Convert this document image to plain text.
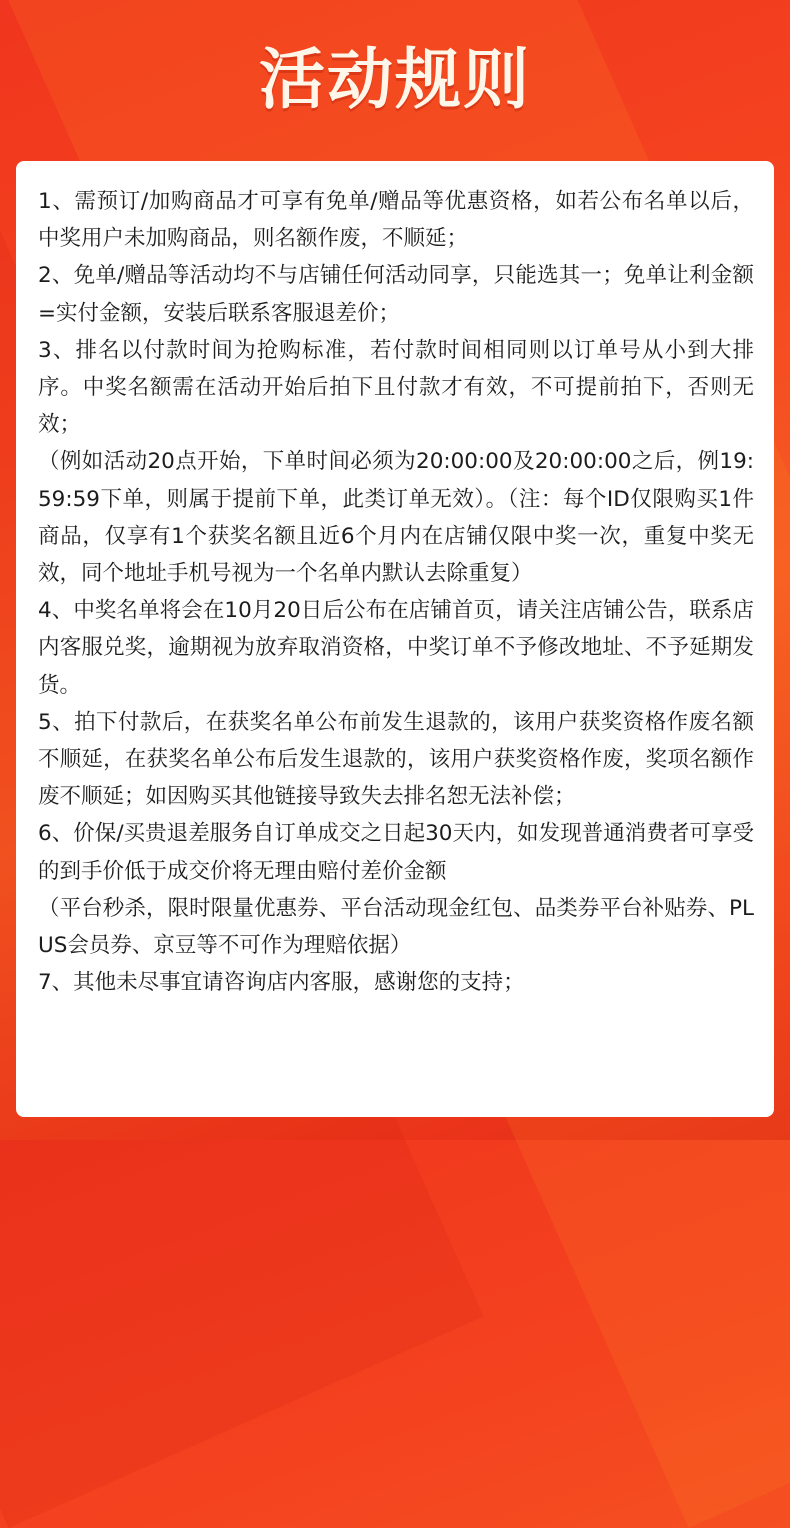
活动规则

1、需预订/加购商品才可享有免单/赠品等优惠资格，如若公布名单以后，中奖用户未加购商品，则名额作废，不顺延；

2、免单/赠品等活动均不与店铺任何活动同享，只能选其一；免单让利金额=实付金额，安装后联系客服退差价；

3、排名以付款时间为抢购标准，若付款时间相同则以订单号从小到大排序。中奖名额需在活动开始后拍下且付款才有效，不可提前拍下，否则无效；

（例如活动20点开始，下单时间必须为20:00:00及20:00:00之后，例19:59:59下单，则属于提前下单，此类订单无效）。（注：每个ID仅限购买1件商品，仅享有1个获奖名额且近6个月内在店铺仅限中奖一次，重复中奖无效，同个地址手机号视为一个名单内默认去除重复）

4、中奖名单将会在10月20日后公布在店铺首页，请关注店铺公告，联系店内客服兑奖，逾期视为放弃取消资格，中奖订单不予修改地址、不予延期发货。

5、拍下付款后，在获奖名单公布前发生退款的，该用户获奖资格作废名额不顺延，在获奖名单公布后发生退款的，该用户获奖资格作废，奖项名额作废不顺延；如因购买其他链接导致失去排名恕无法补偿；

6、价保/买贵退差服务自订单成交之日起30天内，如发现普通消费者可享受的到手价低于成交价将无理由赔付差价金额

（平台秒杀，限时限量优惠券、平台活动现金红包、品类券平台补贴券、PLUS会员券、京豆等不可作为理赔依据）

7、其他未尽事宜请咨询店内客服，感谢您的支持；
